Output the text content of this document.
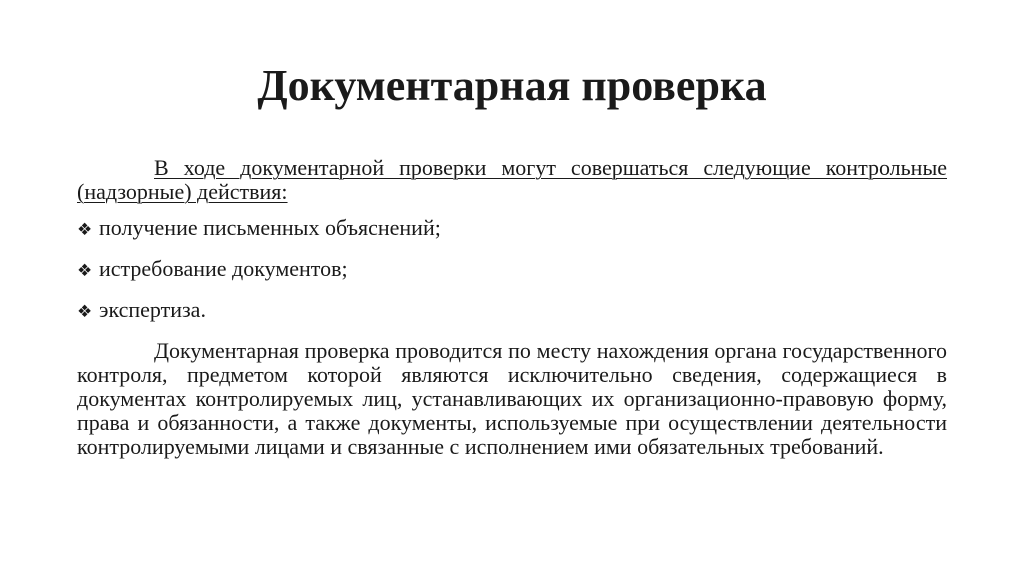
Документарная проверка

В ходе документарной проверки могут совершаться следующие контрольные (надзорные) действия:

❖ получение письменных объяснений;
❖ истребование документов;
❖ экспертиза.

Документарная проверка проводится по месту нахождения органа государственного контроля, предметом которой являются исключительно сведения, содержащиеся в документах контролируемых лиц, устанавливающих их организационно-правовую форму, права и обязанности, а также документы, используемые при осуществлении деятельности контролируемыми лицами и связанные с исполнением ими обязательных требований.
